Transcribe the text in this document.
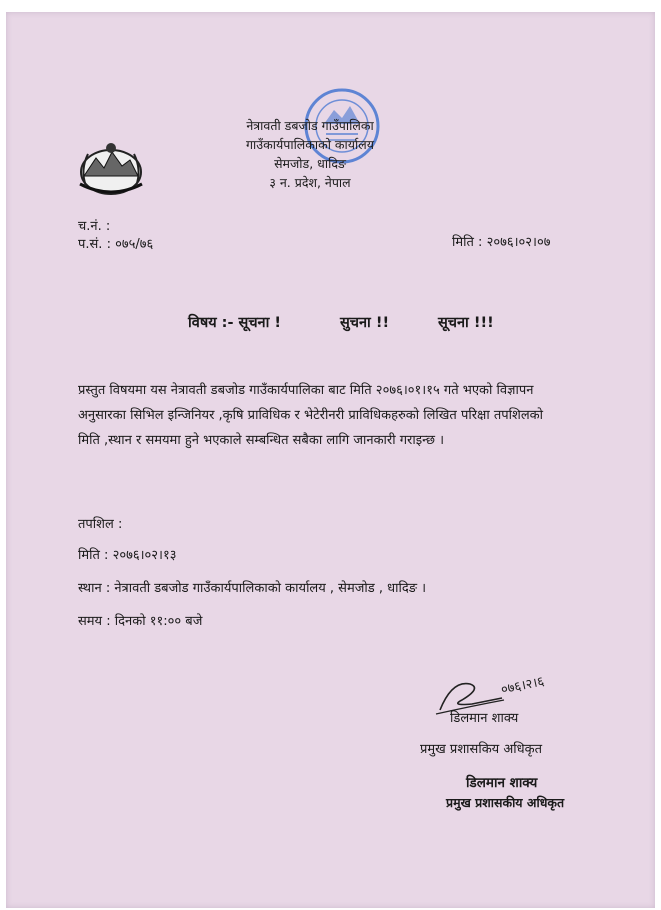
नेत्रावती डबजोड गाउँपालिका
गाउँकार्यपालिकाको कार्यालय
सेमजोड, धादिङ
३ न. प्रदेश, नेपाल
च.नं. :
प.सं. : ०७५/७६	मिति : २०७६।०२।०७
विषय :- सूचना !	सुचना !!	सूचना !!!
प्रस्तुत विषयमा यस नेत्रावती डबजोड गाउँकार्यपालिका बाट मिति २०७६।०१।१५ गते भएको विज्ञापन अनुसारका सिभिल इन्जिनियर ,कृषि प्राविधिक र भेटेरीनरी प्राविधिकहरुको लिखित परिक्षा तपशिलको मिति ,स्थान र समयमा हुने भएकाले सम्बन्धित सबैका लागि जानकारी गराइन्छ ।
तपशिल :
मिति : २०७६।०२।१३
स्थान : नेत्रावती डबजोड गाउँकार्यपालिकाको कार्यालय , सेमजोड , धादिङ ।
समय : दिनको ११:०० बजे
०७६।२।६
डिलमान शाक्य
प्रमुख प्रशासकिय अधिकृत
डिलमान शाक्य
प्रमुख प्रशासकीय अधिकृत
